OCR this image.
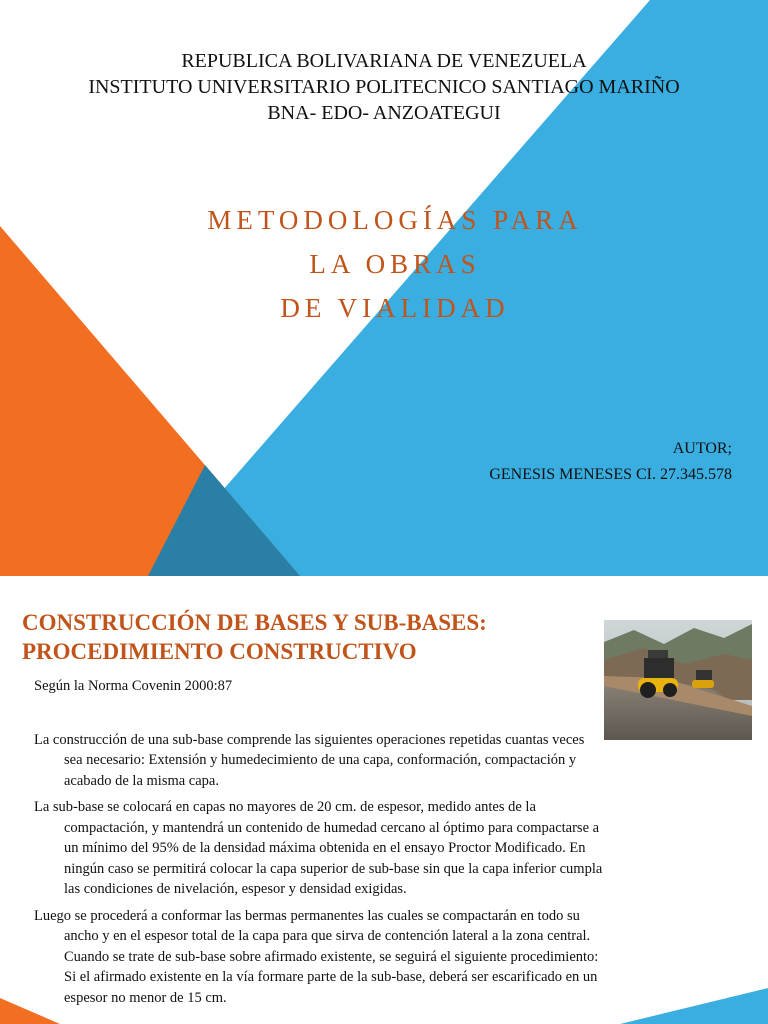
REPUBLICA BOLIVARIANA DE VENEZUELA
INSTITUTO UNIVERSITARIO POLITECNICO SANTIAGO MARIÑO
BNA- EDO- ANZOATEGUI
METODOLOGÍAS PARA
LA OBRAS
DE VIALIDAD
AUTOR;
GENESIS MENESES CI. 27.345.578
CONSTRUCCIÓN DE BASES Y SUB-BASES:
PROCEDIMIENTO CONSTRUCTIVO

Según la Norma Covenin 2000:87

La construcción de una sub-base comprende las siguientes operaciones repetidas cuantas veces sea necesario: Extensión y humedecimiento de una capa, conformación, compactación y acabado de la misma capa.

La sub-base se colocará en capas no mayores de 20 cm. de espesor, medido antes de la compactación, y mantendrá un contenido de humedad cercano al óptimo para compactarse a un mínimo del 95% de la densidad máxima obtenida en el ensayo Proctor Modificado. En ningún caso se permitirá colocar la capa superior de sub-base sin que la capa inferior cumpla las condiciones de nivelación, espesor y densidad exigidas.

Luego se procederá a conformar las bermas permanentes las cuales se compactarán en todo su ancho y en el espesor total de la capa para que sirva de contención lateral a la zona central. Cuando se trate de sub-base sobre afirmado existente, se seguirá el siguiente procedimiento: Si el afirmado existente en la vía formare parte de la sub-base, deberá ser escarificado en un espesor no menor de 15 cm.
